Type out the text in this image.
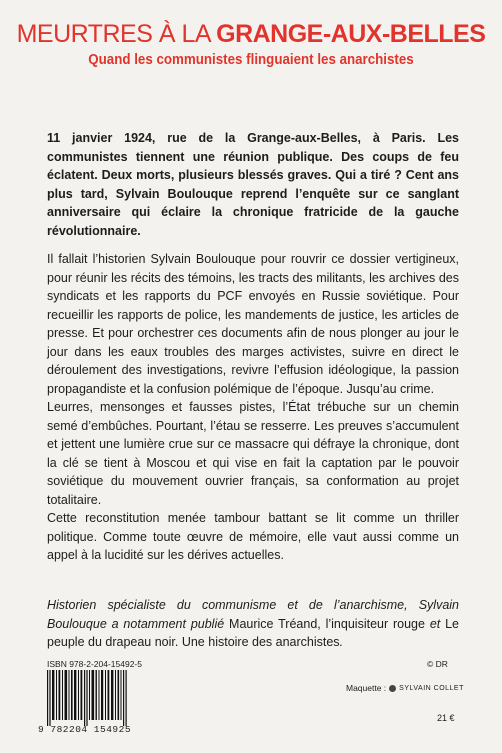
MEURTRES À LA GRANGE-AUX-BELLES
Quand les communistes flinguaient les anarchistes
11 janvier 1924, rue de la Grange-aux-Belles, à Paris. Les communistes tiennent une réunion publique. Des coups de feu éclatent. Deux morts, plusieurs blessés graves. Qui a tiré ? Cent ans plus tard, Sylvain Boulouque reprend l’enquête sur ce sanglant anniversaire qui éclaire la chronique fratricide de la gauche révolutionnaire.

Il fallait l’historien Sylvain Boulouque pour rouvrir ce dossier vertigineux, pour réunir les récits des témoins, les tracts des militants, les archives des syndicats et les rapports du PCF envoyés en Russie soviétique. Pour recueillir les rapports de police, les mandements de justice, les articles de presse. Et pour orchestrer ces documents afin de nous plonger au jour le jour dans les eaux troubles des marges activistes, suivre en direct le déroulement des investigations, revivre l’effusion idéologique, la passion propagandiste et la confusion polémique de l’époque. Jusqu’au crime.

Leurres, mensonges et fausses pistes, l’État trébuche sur un chemin semé d’embûches. Pourtant, l’étau se resserre. Les preuves s’accumulent et jettent une lumière crue sur ce massacre qui défraye la chronique, dont la clé se tient à Moscou et qui vise en fait la captation par le pouvoir soviétique du mouvement ouvrier français, sa conformation au projet totalitaire.

Cette reconstitution menée tambour battant se lit comme un thriller politique. Comme toute œuvre de mémoire, elle vaut aussi comme un appel à la lucidité sur les dérives actuelles.

Historien spécialiste du communisme et de l’anarchisme, Sylvain Boulouque a notamment publié Maurice Tréand, l’inquisiteur rouge et Le peuple du drapeau noir. Une histoire des anarchistes.
ISBN 978-2-204-15492-5	© DR
Maquette : SYLVAIN COLLET
21 €
9 782204 154925
